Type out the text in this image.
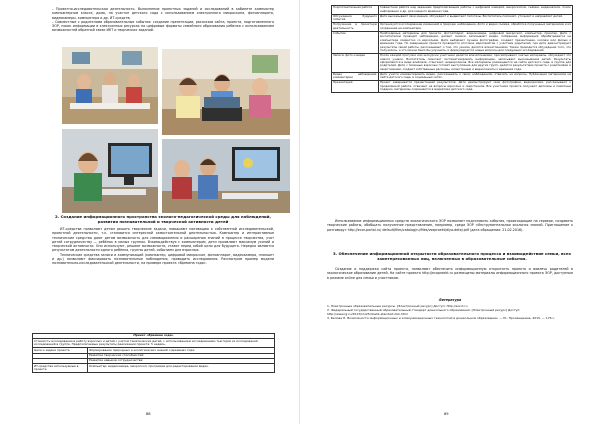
– Проектно-исследовательская деятельность. Выполнение проектных заданий и исследований в кабинете компьютер компьютерном классе, дома, на участке детского сада с использованием электронного микроскопа, фотоаппарата, видеокамеры, компьютера и др. ИТ-средств;
– Совместные с родителями образовательные события: создание презентации, рассказов сайта, проекта, подготовленного ЭОР, поиск информации в электронных ресурсах на цифровые форматы семейного образования ребенка с использованием возможностей обратной связи ИКТ и творческих заданий.
2. Создание информационного пространства эколого-педагогической среды для наблюдений, развития познавательной и творческой активности детей
ИТ-средства позволяют детям решать творческие задачи, повышают мотивацию к собственной исследовательской, проектной деятельности, т.к. становится интересной самостоятельной деятельностью. Компьютер и интерактивные технические средства дают детям возможность для самовыражения и расширения знаний в процессе творчества, учат детей сотрудничеству — ребёнок в малых группах. Взаимодействуя с компьютером, дети проявляют максимум усилий и творческой активности. Они используют, решают возможности, ставят перед собой цели для будущего. Нередко являются результатом деятельности одного ребёнка, группы детей, событием для взрослых.
Технические средства записи и коммуникаций (компьютер, цифровой микроскоп, фотоаппарат, видеокамера, планшет и др.) позволяют фиксировать познавательные наблюдения, проводить исследования. Рассмотрим пример модели познавательно-исследовательской деятельности, на примере проекта «Времена года».
Проект «Времена года»	
Стоимость исследования в работу взрослых и детей с учетом тематических детей, с использованием исследованием тьюторов из исследований исследований в группе. Предполагаемые результаты реализации проекта: 5 недель.	
Цели и задачи проекта	Формирование природных и экологических знаний о временах года;
	Развитие творческих способностей;
	Развитие навыков сотрудничества;
ИТ-средства используемые в проекте	Компьютер, видеокамера, микроскоп, программа для редактирования видео.
88
Подготовительная работа	Совместная работа над заданием предполагающим работы с цифровой камерой, микроскопом, съёмки, видеозаписи, поиск информации и др. для каждого времени года.
Обсуждение будущего события	Дети высказывают свои мнения, обсуждают и выдвигают гипотезы. Воспитатель поясняет, уточняет и направляет детей.
Погружение в проектную деятельность	Организуется исследование изменений в природе: наблюдение, фото и видео съёмка, обработка полученных материалов и их сохранение на компьютере.
Событие	Необходимые материалы для проекта: фотоаппарат, видеокамера, цифровой микроскоп, компьютер, принтер. Дети с воспитателем проводят наблюдения, делают снимки, записывают видео. Собранная информация обрабатывается на компьютере совместно со взрослыми. Дети выбирают лучшие фотографии, создают презентацию, коллаж или фильм о временах года. По завершении проекта проводится итоговое мероприятие с участием родителей, где дети демонстрируют результаты своей работы, рассказывают о том, что узнали, делятся впечатлениями. Также проводится обсуждение того, что получилось, а что можно было бы улучшить, и формулируются новые вопросы для следующих исследований.
Записи, фото и видео	После каждой прогулки или экскурсии участники делятся впечатлениями, просматривают снятые материалы, обсуждают что нового узнали. Воспитатель помогает систематизировать информацию, записывает высказывания детей. Результаты оформляются в виде альбомов, стенгазет, видеороликов. Все материалы размещаются на сайте детского сада, в группе для родителей. Дети с помощью взрослых готовят выступление для других групп, делятся результатами проекта с родителями и сверстниками, создают собственные рассказы, иллюстрации и видеосюжеты о временах года.
Видео наблюдения, комментарии	Дети учатся комментировать видео, рассказывать о своих наблюдениях, отвечать на вопросы. Публикация материалов на сайте детского сада, в социальных сетях.
Презентация	Проект завершается презентацией результатов. Дети демонстрируют свои фотографии, видеоролики, рассказывают о проделанной работе, отвечают на вопросы взрослых и сверстников. Все участники проекта получают дипломы и памятные подарки, материалы сохраняются в медиатеке детского сада.
Использование информационных средств экологического ЭОР позволяет подготовить события, происходящие на сервере, создавать творческие работы, обобщать полученное представление, например, среда ЭОР «Инструментальная экология знаний. Приглашение к разговору» http://ecor-portal.ru/ default/files/catalog/ru/files/vseproekt/dlya-detej.pdf (дата обращения: 21.02.2016).
3. Обеспечение информационной открытости образовательного процесса и взаимодействие семьи, всех заинтересованных лиц, включенных в образовательные события.
Создание и поддержка сайта проекта, позволяют обеспечить информационную открытость проекта и вовлечь родителей в экологическое образование детей. На сайте проекта http://ecoproekt.ru размещены материалы информационного проекта ЭОР, доступные в режиме online для семьи и участников.
Литература
1. Электронные образовательные ресурсы. [Электронный ресурс] Доступ: http://eor.it.ru
2. Федеральный государственный образовательный стандарт дошкольного образования. [Электронный ресурс] Доступ: http://www.rg.ru/2013/11/25/doshk-standart-dok.html
3. Белова Н. Возможности информационных и коммуникационных технологий в дошкольном образовании. — М.: Просвещение, 2015. — 176 с.
89
